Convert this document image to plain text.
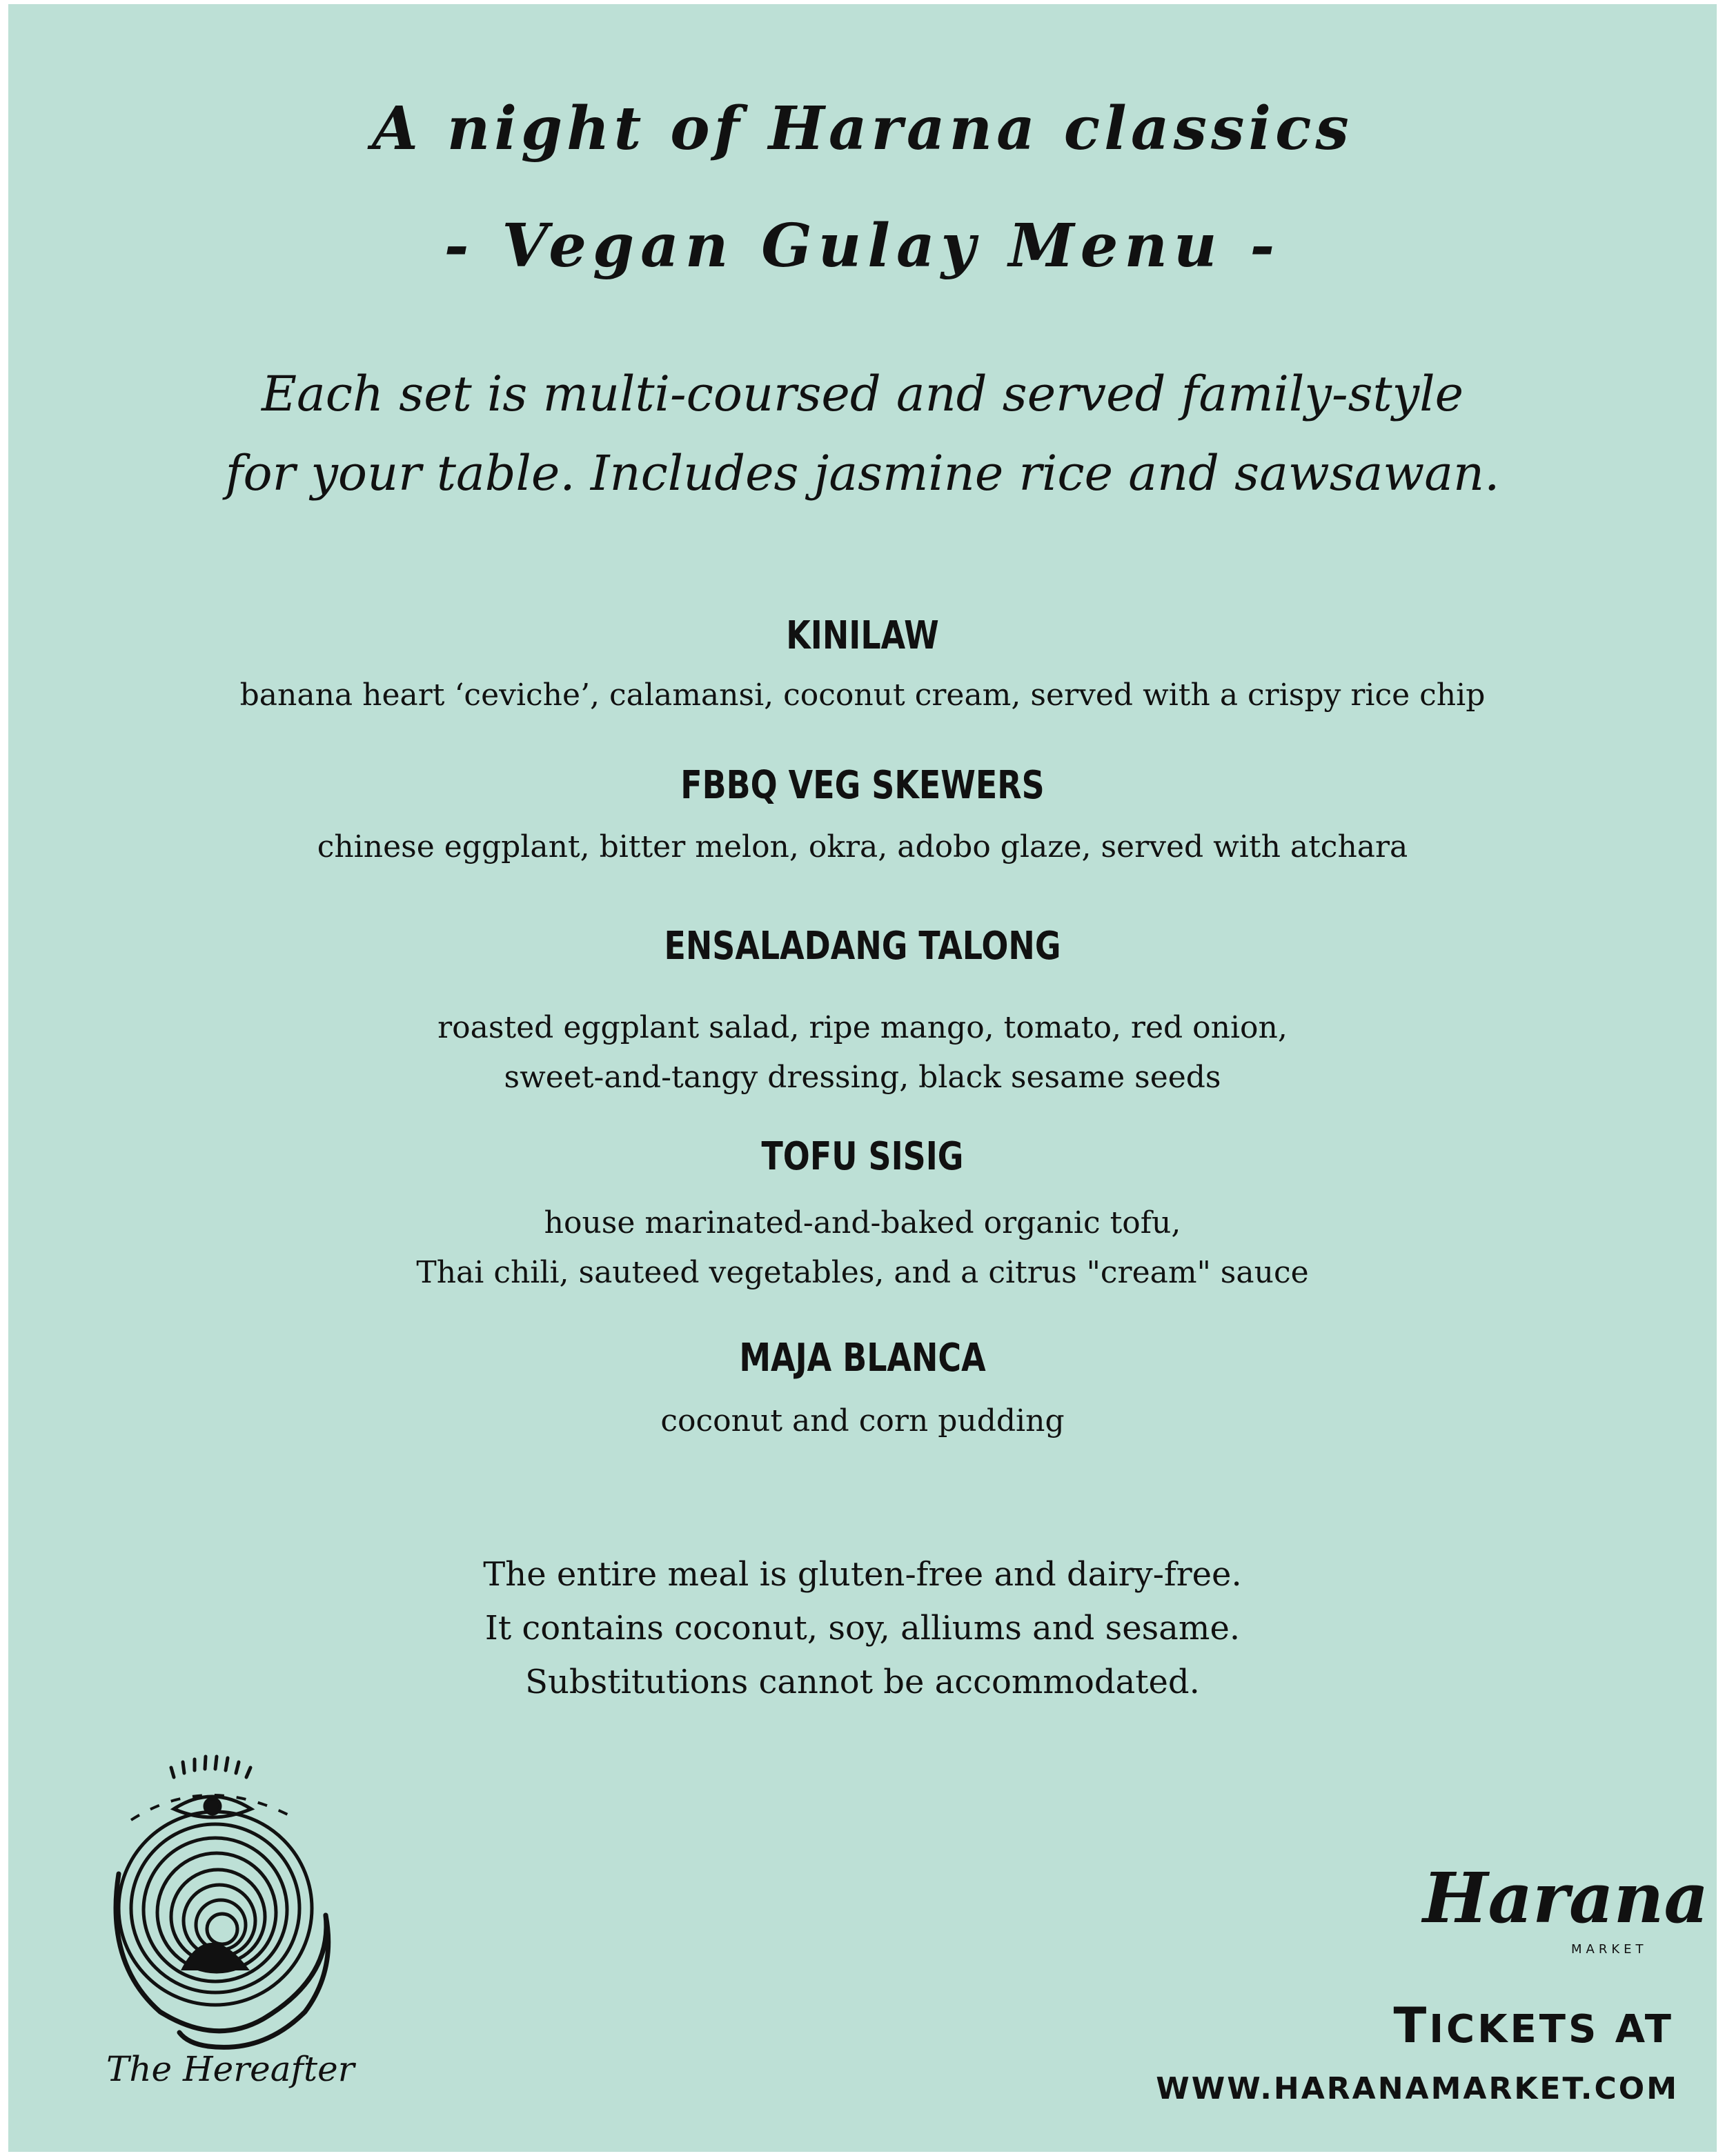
A night of Harana classics
- Vegan Gulay Menu -
Each set is multi-coursed and served family-style
for your table. Includes jasmine rice and sawsawan.
KINILAW
banana heart ‘ceviche’, calamansi, coconut cream, served with a crispy rice chip
FBBQ VEG SKEWERS
chinese eggplant, bitter melon, okra, adobo glaze, served with atchara
ENSALADANG TALONG
roasted eggplant salad, ripe mango, tomato, red onion,
sweet-and-tangy dressing, black sesame seeds
TOFU SISIG
house marinated-and-baked organic tofu,
Thai chili, sauteed vegetables, and a citrus "cream" sauce
MAJA BLANCA
coconut and corn pudding
The entire meal is gluten-free and dairy-free.
It contains coconut, soy, alliums and sesame.
Substitutions cannot be accommodated.
The Hereafter
Harana
MARKET
TICKETS AT
WWW.HARANAMARKET.COM
